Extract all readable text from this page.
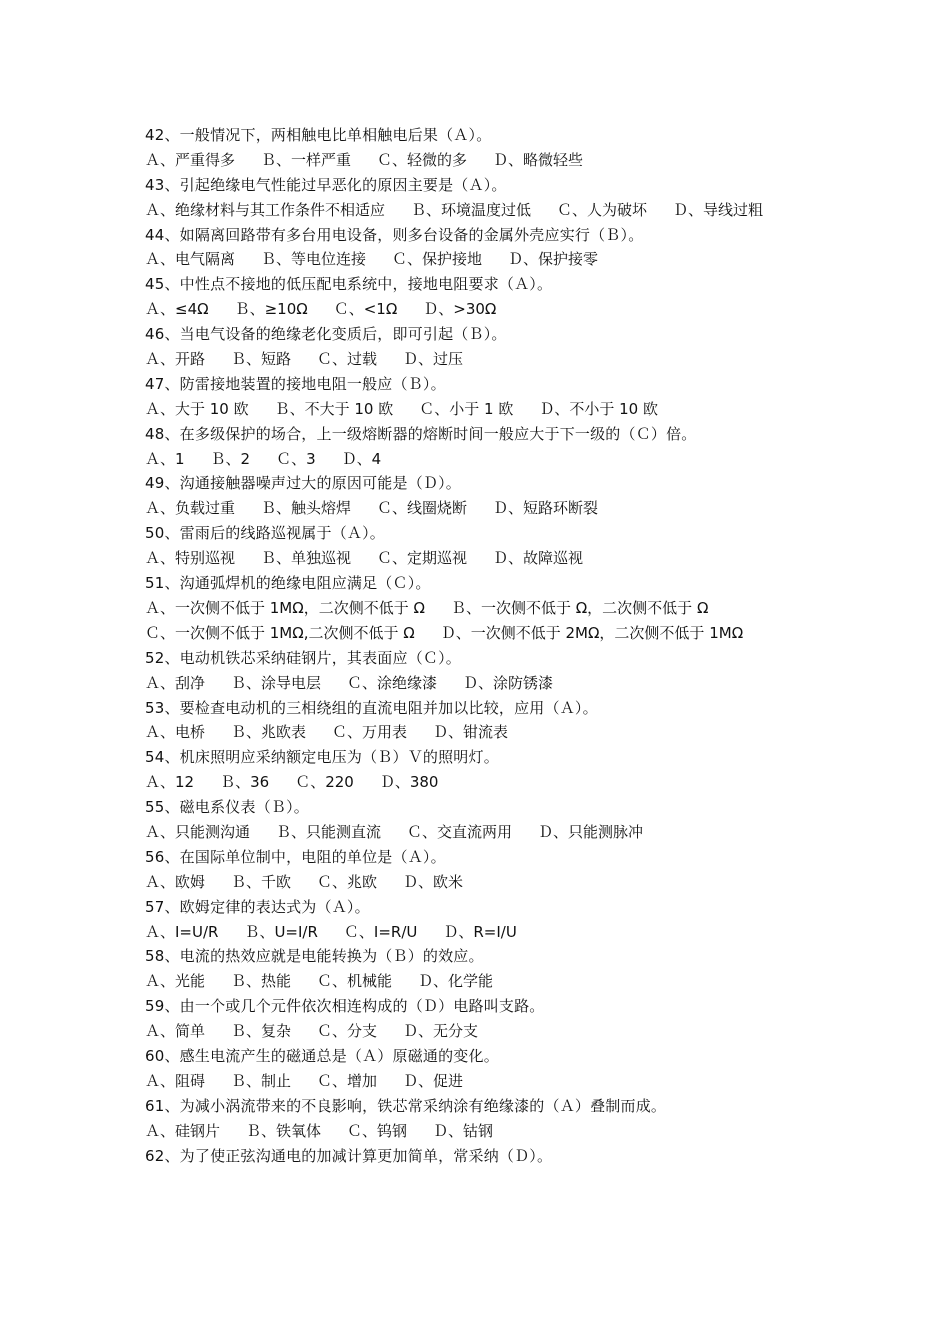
42、一般情况下，两相触电比单相触电后果（Ａ）。
Ａ、严重得多 Ｂ、一样严重 Ｃ、轻微的多 Ｄ、略微轻些
43、引起绝缘电气性能过早恶化的原因主要是（Ａ）。
Ａ、绝缘材料与其工作条件不相适应 Ｂ、环境温度过低 Ｃ、人为破坏 Ｄ、导线过粗
44、如隔离回路带有多台用电设备，则多台设备的金属外壳应实行（Ｂ）。
Ａ、电气隔离 Ｂ、等电位连接 Ｃ、保护接地 Ｄ、保护接零
45、中性点不接地的低压配电系统中，接地电阻要求（Ａ）。
Ａ、≤4Ω Ｂ、≥10Ω Ｃ、<1Ω Ｄ、>30Ω
46、当电气设备的绝缘老化变质后，即可引起（Ｂ）。
Ａ、开路 Ｂ、短路 Ｃ、过载 Ｄ、过压
47、防雷接地装置的接地电阻一般应（Ｂ）。
Ａ、大于 10 欧 Ｂ、不大于 10 欧 Ｃ、小于 1 欧 Ｄ、不小于 10 欧
48、在多级保护的场合，上一级熔断器的熔断时间一般应大于下一级的（Ｃ）倍。
Ａ、1 Ｂ、2 Ｃ、3 Ｄ、4
49、沟通接触器噪声过大的原因可能是（Ｄ）。
Ａ、负载过重 Ｂ、触头熔焊 Ｃ、线圈烧断 Ｄ、短路环断裂
50、雷雨后的线路巡视属于（Ａ）。
Ａ、特别巡视 Ｂ、单独巡视 Ｃ、定期巡视 Ｄ、故障巡视
51、沟通弧焊机的绝缘电阻应满足（Ｃ）。
Ａ、一次侧不低于 1MΩ，二次侧不低于 Ω Ｂ、一次侧不低于 Ω，二次侧不低于 ΩＣ、一次侧不低于 1MΩ,二次侧不低于 Ω Ｄ、一次侧不低于 2MΩ，二次侧不低于 1MΩ
52、电动机铁芯采纳硅钢片，其表面应（Ｃ）。
Ａ、刮净 Ｂ、涂导电层 Ｃ、涂绝缘漆 Ｄ、涂防锈漆
53、要检查电动机的三相绕组的直流电阻并加以比较，应用（Ａ）。
Ａ、电桥 Ｂ、兆欧表 Ｃ、万用表 Ｄ、钳流表
54、机床照明应采纳额定电压为（Ｂ）Ｖ的照明灯。
Ａ、12 Ｂ、36 Ｃ、220 Ｄ、380
55、磁电系仪表（Ｂ）。
Ａ、只能测沟通 Ｂ、只能测直流 Ｃ、交直流两用 Ｄ、只能测脉冲
56、在国际单位制中，电阻的单位是（Ａ）。
Ａ、欧姆 Ｂ、千欧 Ｃ、兆欧 Ｄ、欧米
57、欧姆定律的表达式为（Ａ）。
Ａ、I=U/R Ｂ、U=I/R Ｃ、I=R/U Ｄ、R=I/U
58、电流的热效应就是电能转换为（Ｂ）的效应。
Ａ、光能 Ｂ、热能 Ｃ、机械能 Ｄ、化学能
59、由一个或几个元件依次相连构成的（Ｄ）电路叫支路。
Ａ、简单 Ｂ、复杂 Ｃ、分支 Ｄ、无分支
60、感生电流产生的磁通总是（Ａ）原磁通的变化。
Ａ、阻碍 Ｂ、制止 Ｃ、增加 Ｄ、促进
61、为减小涡流带来的不良影响，铁芯常采纳涂有绝缘漆的（Ａ）叠制而成。
Ａ、硅钢片 Ｂ、铁氧体 Ｃ、钨钢 Ｄ、钴钢
62、为了使正弦沟通电的加减计算更加简单，常采纳（Ｄ）。
